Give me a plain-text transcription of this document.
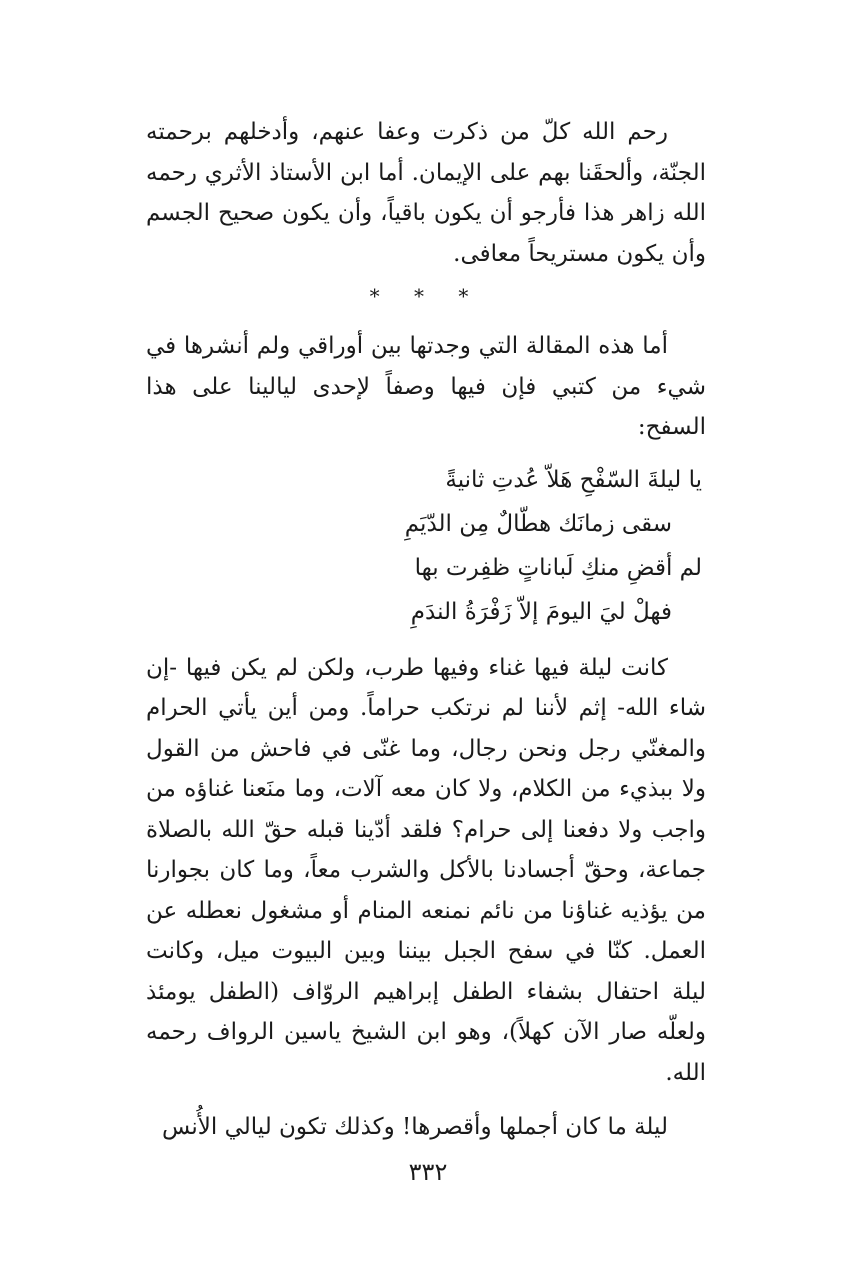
رحم الله كلّ من ذكرت وعفا عنهم، وأدخلهم برحمته الجنّة، وألحقَنا بهم على الإيمان. أما ابن الأستاذ الأثري رحمه الله زاهر هذا فأرجو أن يكون باقياً، وأن يكون صحيح الجسم وأن يكون مستريحاً معافى.

* * *

أما هذه المقالة التي وجدتها بين أوراقي ولم أنشرها في شيء من كتبي فإن فيها وصفاً لإحدى ليالينا على هذا السفح:

يا ليلةَ السّفْحِ هَلاّ عُدتِ ثانيةً
سقى زمانَك هطّالٌ مِن الدّيَمِ
لم أقضِ منكِ لَباناتٍ ظفِرت بها
فهلْ ليَ اليومَ إلاّ زَفْرَةُ الندَمِ

كانت ليلة فيها غناء وفيها طرب، ولكن لم يكن فيها -إن شاء الله- إثم لأننا لم نرتكب حراماً. ومن أين يأتي الحرام والمغنّي رجل ونحن رجال، وما غنّى في فاحش من القول ولا ببذيء من الكلام، ولا كان معه آلات، وما منَعنا غناؤه من واجب ولا دفعنا إلى حرام؟ فلقد أدّينا قبله حقّ الله بالصلاة جماعة، وحقّ أجسادنا بالأكل والشرب معاً، وما كان بجوارنا من يؤذيه غناؤنا من نائم نمنعه المنام أو مشغول نعطله عن العمل. كنّا في سفح الجبل بيننا وبين البيوت ميل، وكانت ليلة احتفال بشفاء الطفل إبراهيم الروّاف (الطفل يومئذ ولعلّه صار الآن كهلاً)، وهو ابن الشيخ ياسين الرواف رحمه الله.

ليلة ما كان أجملها وأقصرها! وكذلك تكون ليالي الأُنس

٣٣٢
